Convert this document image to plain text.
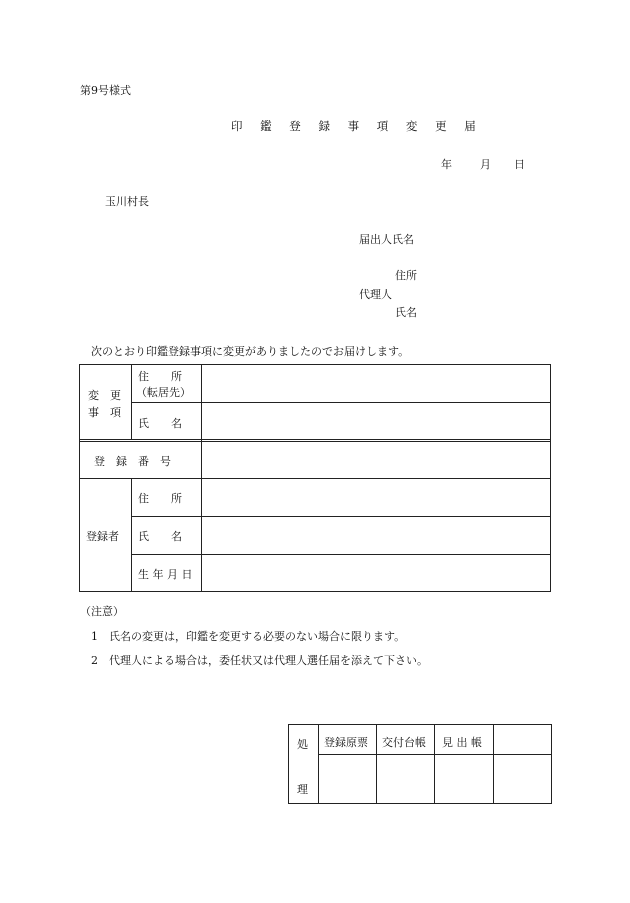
第9号様式
印 鑑 登 録 事 項 変 更 届
年	月 日
玉川村長
届出人氏名
住所
代理人
氏名
次のとおり印鑑登録事項に変更がありましたのでお届けします。
変　更
事　項
住　　所
（転居先）
氏　　名
登　録　番　号
登録者
住　　所
氏　　名
生 年 月 日
（注意）
1　氏名の変更は，印鑑を変更する必要のない場合に限ります。
2　代理人による場合は，委任状又は代理人選任届を添えて下さい。
処
理
登録原票 交付台帳 見 出 帳
